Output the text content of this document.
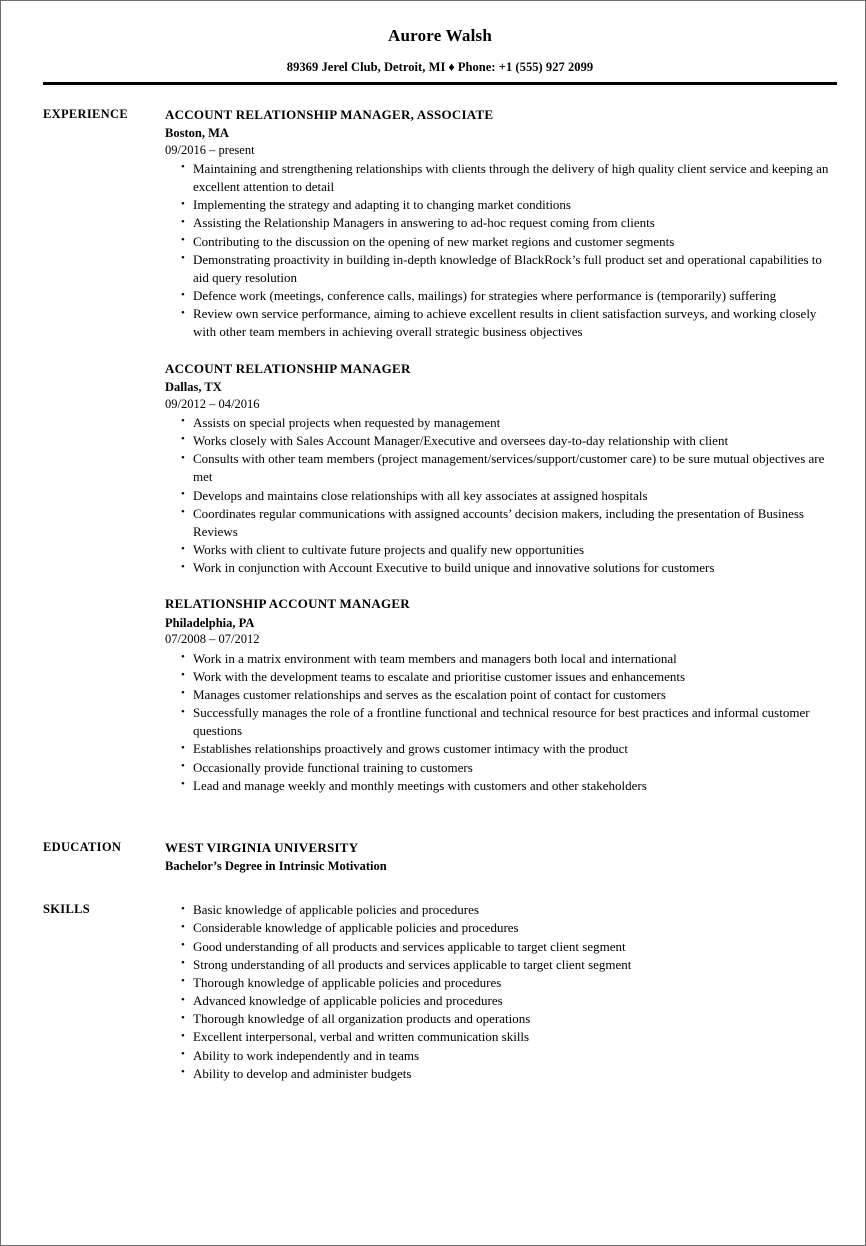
Aurore Walsh
89369 Jerel Club, Detroit, MI ♦ Phone: +1 (555) 927 2099
EXPERIENCE	ACCOUNT RELATIONSHIP MANAGER, ASSOCIATE
Boston, MA
09/2016 – present
• Maintaining and strengthening relationships with clients through the delivery of high quality client service and keeping an excellent attention to detail
• Implementing the strategy and adapting it to changing market conditions
• Assisting the Relationship Managers in answering to ad-hoc request coming from clients
• Contributing to the discussion on the opening of new market regions and customer segments
• Demonstrating proactivity in building in-depth knowledge of BlackRock’s full product set and operational capabilities to aid query resolution
• Defence work (meetings, conference calls, mailings) for strategies where performance is (temporarily) suffering
• Review own service performance, aiming to achieve excellent results in client satisfaction surveys, and working closely with other team members in achieving overall strategic business objectives
ACCOUNT RELATIONSHIP MANAGER
Dallas, TX
09/2012 – 04/2016
• Assists on special projects when requested by management
• Works closely with Sales Account Manager/Executive and oversees day-to-day relationship with client
• Consults with other team members (project management/services/support/customer care) to be sure mutual objectives are met
• Develops and maintains close relationships with all key associates at assigned hospitals
• Coordinates regular communications with assigned accounts’ decision makers, including the presentation of Business Reviews
• Works with client to cultivate future projects and qualify new opportunities
• Work in conjunction with Account Executive to build unique and innovative solutions for customers
RELATIONSHIP ACCOUNT MANAGER
Philadelphia, PA
07/2008 – 07/2012
• Work in a matrix environment with team members and managers both local and international
• Work with the development teams to escalate and prioritise customer issues and enhancements
• Manages customer relationships and serves as the escalation point of contact for customers
• Successfully manages the role of a frontline functional and technical resource for best practices and informal customer questions
• Establishes relationships proactively and grows customer intimacy with the product
• Occasionally provide functional training to customers
• Lead and manage weekly and monthly meetings with customers and other stakeholders
EDUCATION	WEST VIRGINIA UNIVERSITY
Bachelor’s Degree in Intrinsic Motivation
SKILLS	• Basic knowledge of applicable policies and procedures
• Considerable knowledge of applicable policies and procedures
• Good understanding of all products and services applicable to target client segment
• Strong understanding of all products and services applicable to target client segment
• Thorough knowledge of applicable policies and procedures
• Advanced knowledge of applicable policies and procedures
• Thorough knowledge of all organization products and operations
• Excellent interpersonal, verbal and written communication skills
• Ability to work independently and in teams
• Ability to develop and administer budgets
